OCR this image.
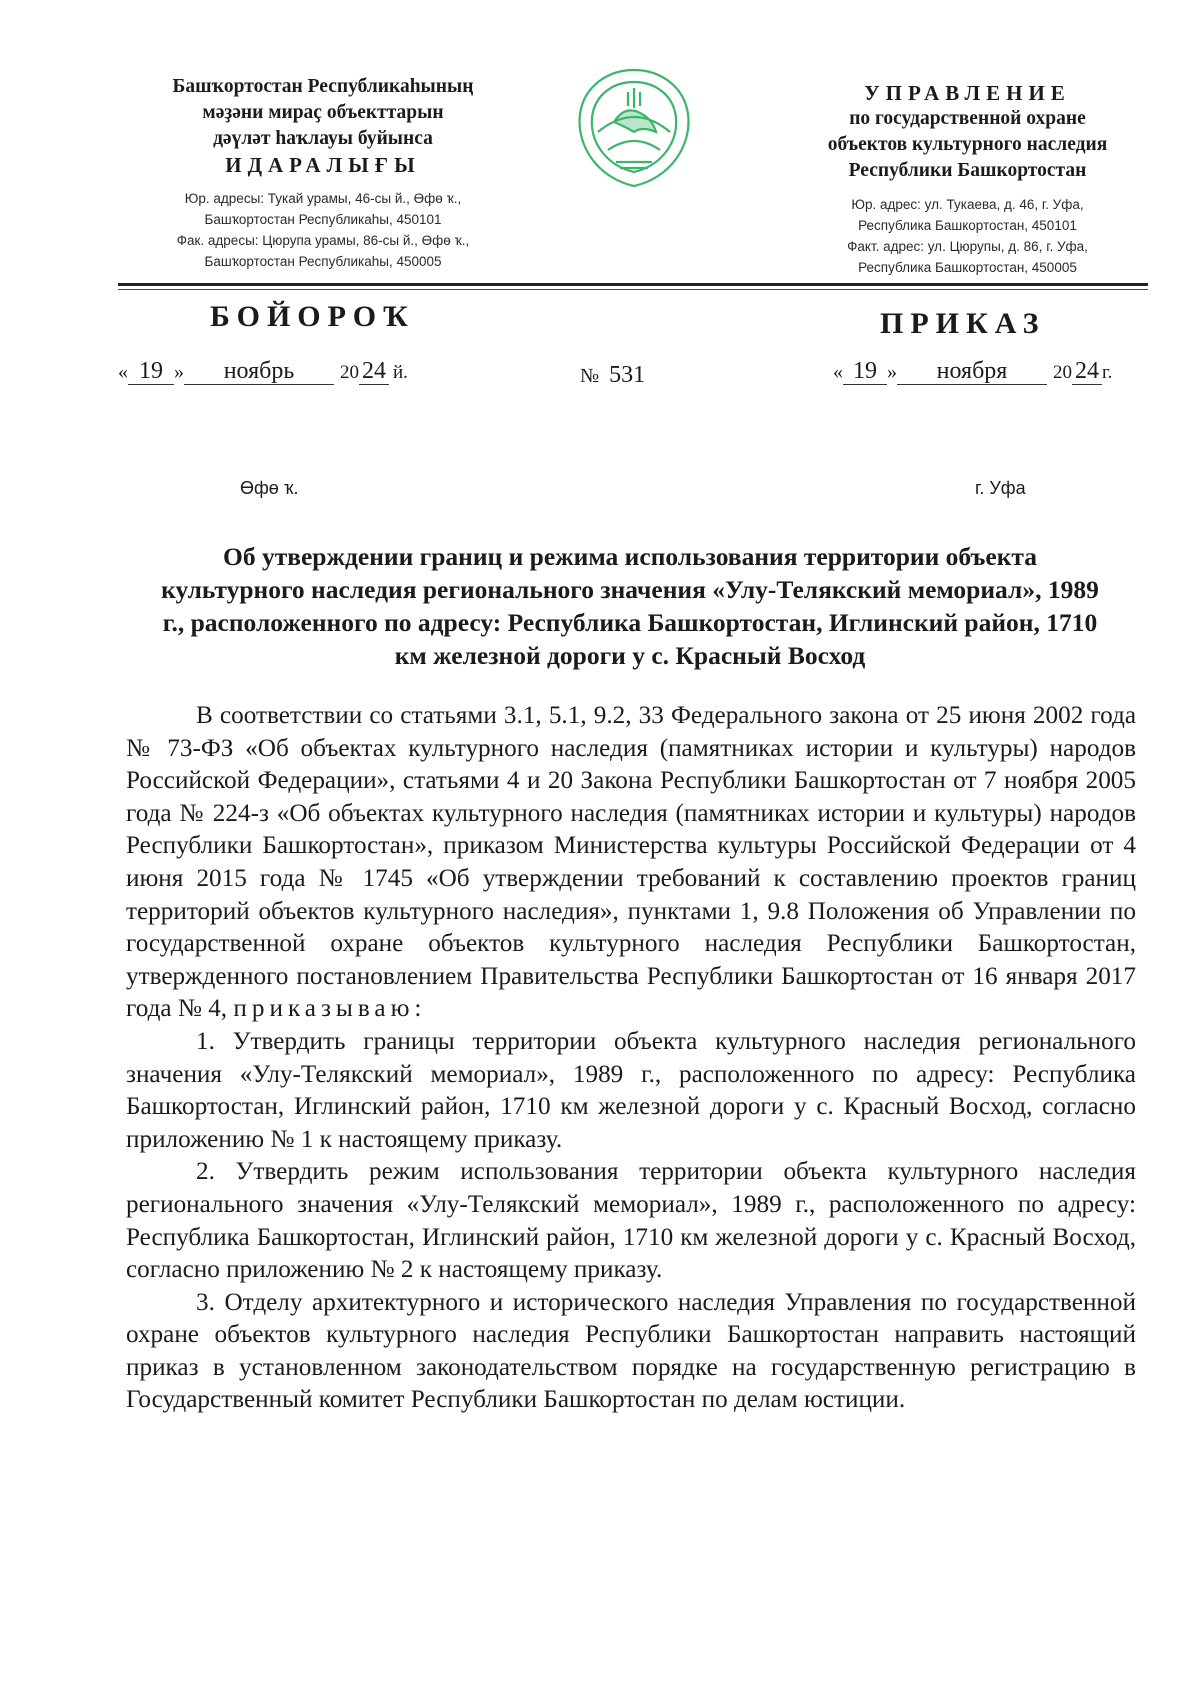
Башҡортостан Республикаһының
мәҙәни мираҫ объекттарын
дәүләт һаҡлауы буйынса
ИДАРАЛЫҒЫ
Юр. адресы: Тукай урамы, 46-сы й., Өфө ҡ.,
Башҡортостан Республикаһы, 450101
Фак. адресы: Цюрупа урамы, 86-сы й., Өфө ҡ.,
Башҡортостан Республикаһы, 450005
УПРАВЛЕНИЕ
по государственной охране
объектов культурного наследия
Республики Башкортостан
Юр. адрес: ул. Тукаева, д. 46, г. Уфа,
Республика Башкортостан, 450101
Факт. адрес: ул. Цюрупы, д. 86, г. Уфа,
Республика Башкортостан, 450005
БОЙОРОҠ	ПРИКАЗ
« 19 » ноябрь 20 24 й.	№ 531	« 19 » ноября 20 24 г.
Өфө ҡ.	г. Уфа
Об утверждении границ и режима использования территории объекта культурного наследия регионального значения «Улу-Телякский мемориал», 1989 г., расположенного по адресу: Республика Башкортостан, Иглинский район, 1710 км железной дороги у с. Красный Восход

В соответствии со статьями 3.1, 5.1, 9.2, 33 Федерального закона от 25 июня 2002 года № 73-ФЗ «Об объектах культурного наследия (памятниках истории и культуры) народов Российской Федерации», статьями 4 и 20 Закона Республики Башкортостан от 7 ноября 2005 года № 224-з «Об объектах культурного наследия (памятниках истории и культуры) народов Республики Башкортостан», приказом Министерства культуры Российской Федерации от 4 июня 2015 года № 1745 «Об утверждении требований к составлению проектов границ территорий объектов культурного наследия», пунктами 1, 9.8 Положения об Управлении по государственной охране объектов культурного наследия Республики Башкортостан, утвержденного постановлением Правительства Республики Башкортостан от 16 января 2017 года № 4, приказываю:

1. Утвердить границы территории объекта культурного наследия регионального значения «Улу-Телякский мемориал», 1989 г., расположенного по адресу: Республика Башкортостан, Иглинский район, 1710 км железной дороги у с. Красный Восход, согласно приложению № 1 к настоящему приказу.

2. Утвердить режим использования территории объекта культурного наследия регионального значения «Улу-Телякский мемориал», 1989 г., расположенного по адресу: Республика Башкортостан, Иглинский район, 1710 км железной дороги у с. Красный Восход, согласно приложению № 2 к настоящему приказу.

3. Отделу архитектурного и исторического наследия Управления по государственной охране объектов культурного наследия Республики Башкортостан направить настоящий приказ в установленном законодательством порядке на государственную регистрацию в Государственный комитет Республики Башкортостан по делам юстиции.
